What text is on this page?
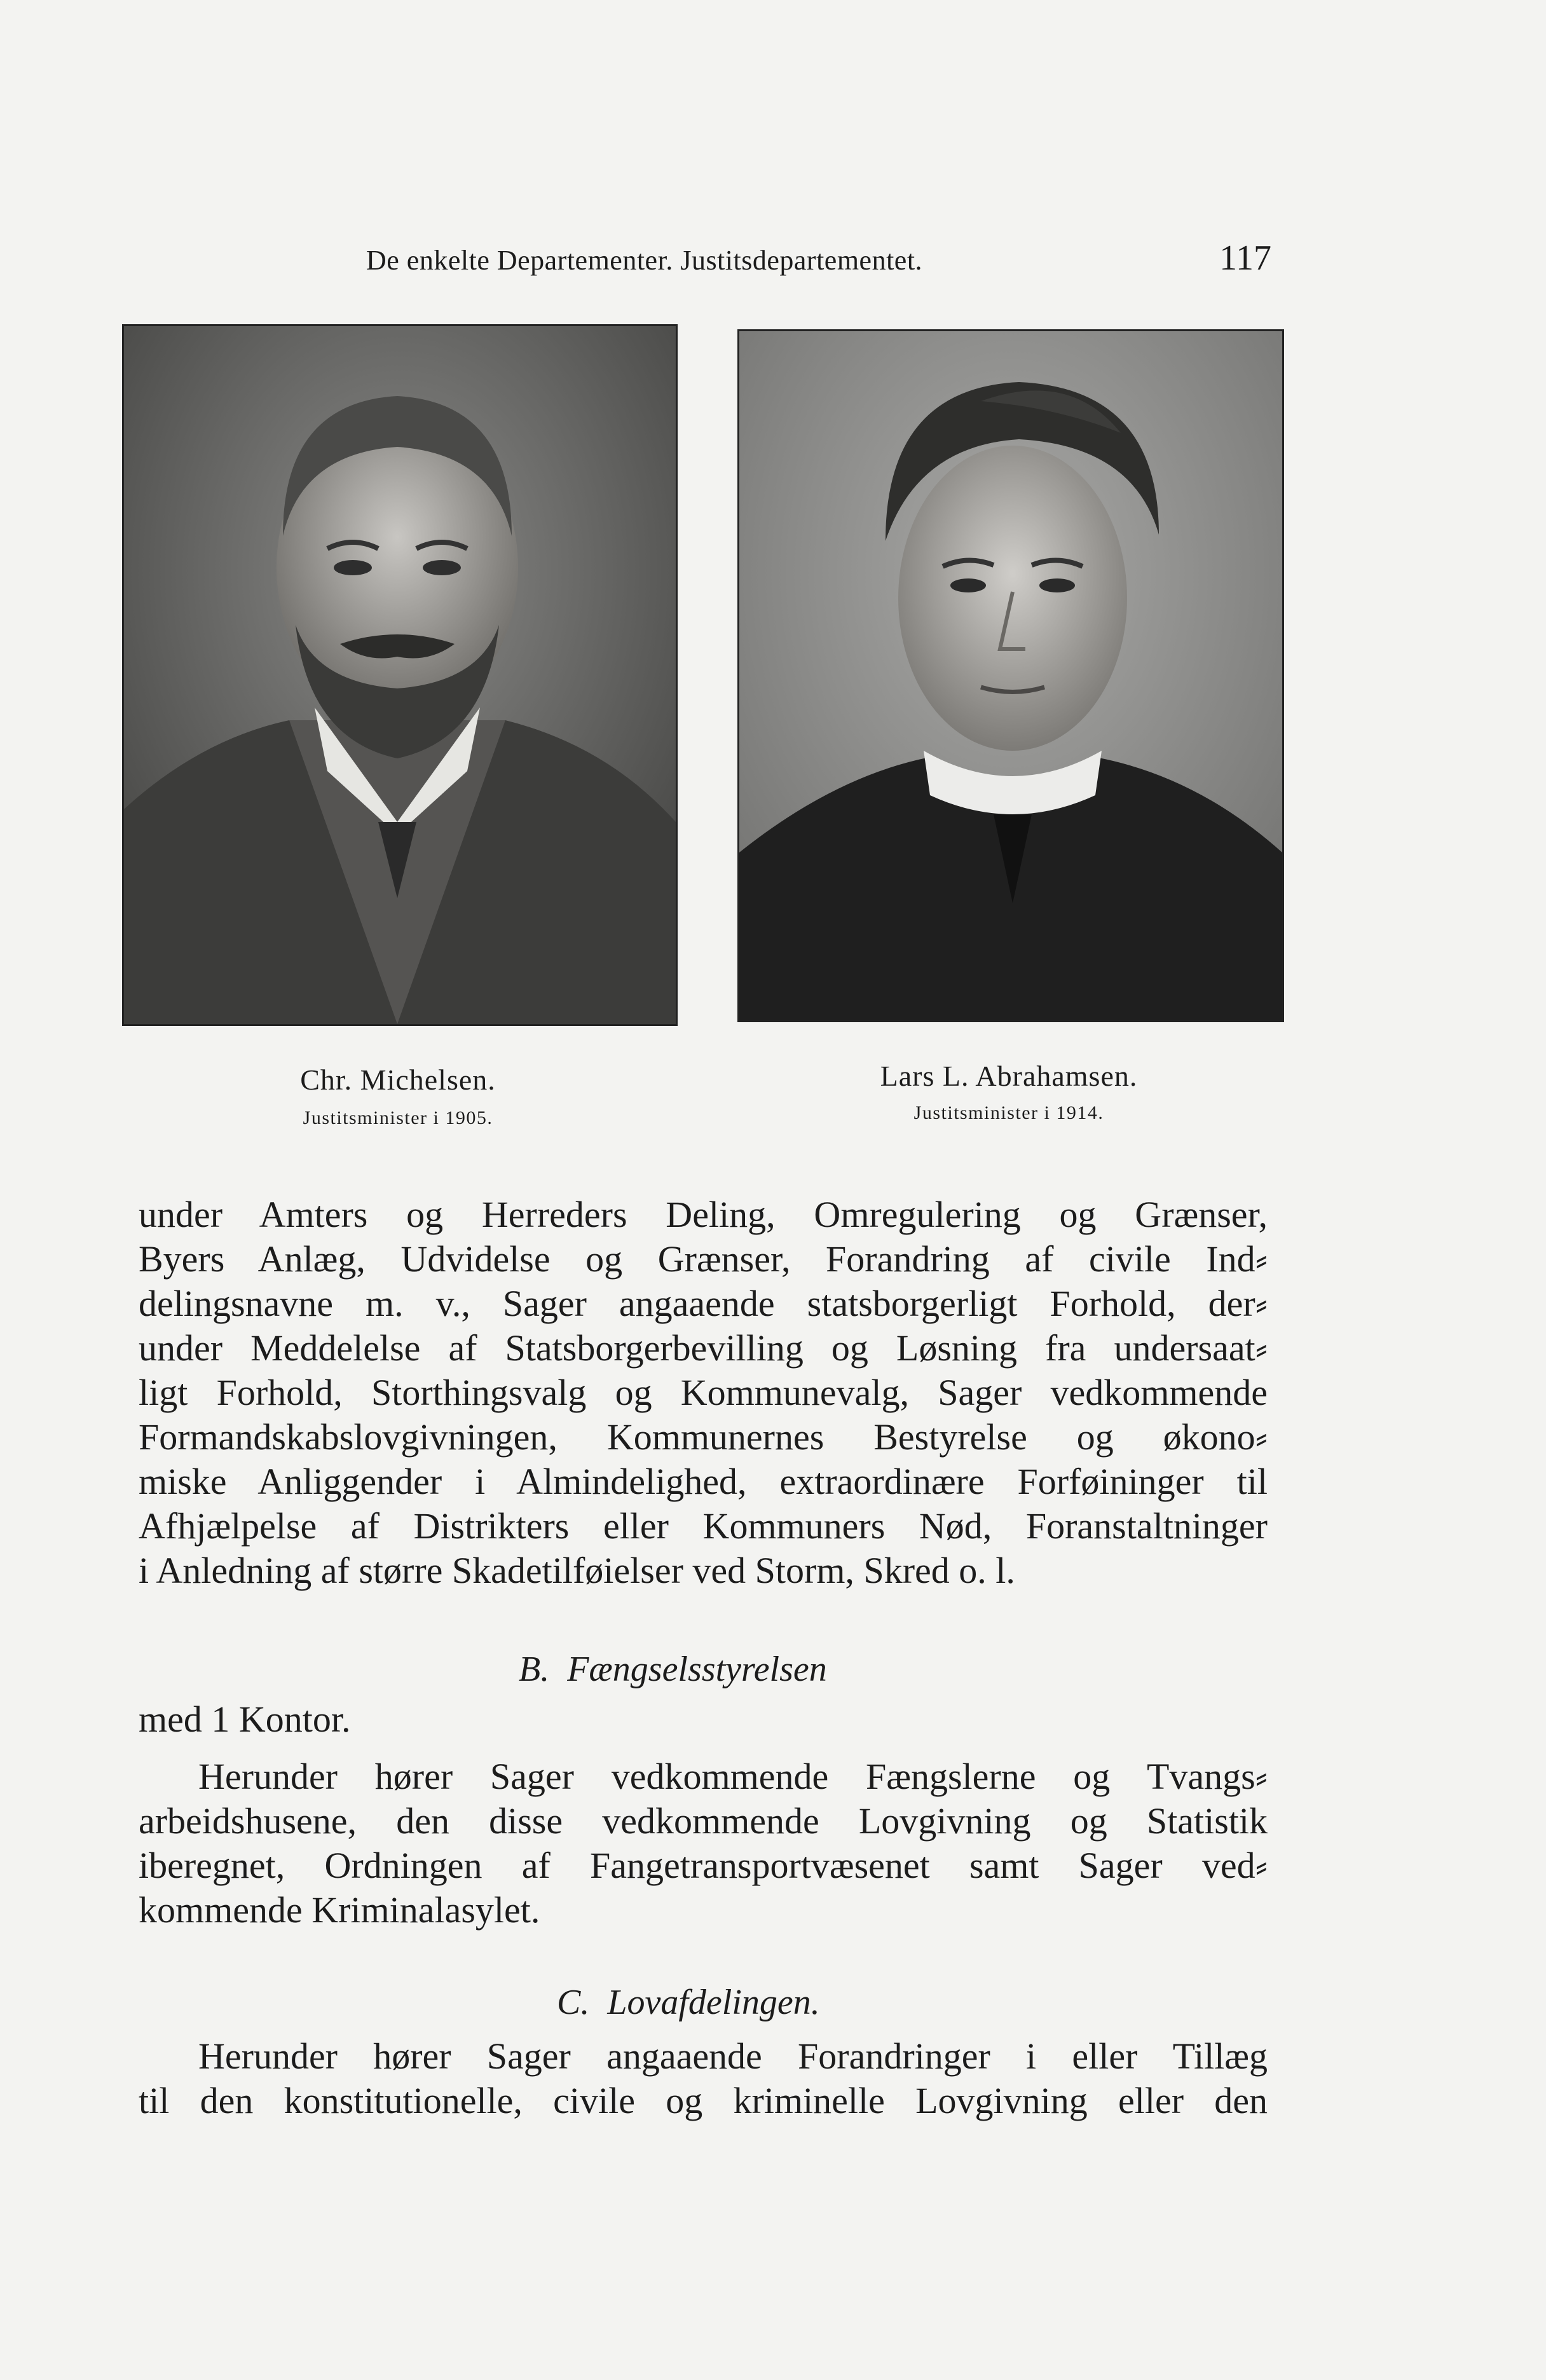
De enkelte Departementer. Justitsdepartementet.	117
Chr. Michelsen.
Justitsminister i 1905.
Lars L. Abrahamsen.
Justitsminister i 1914.
under Amters og Herreders Deling, Omregulering og Grænser,
Byers Anlæg, Udvidelse og Grænser, Forandring af civile Ind⸗
delingsnavne m. v., Sager angaaende statsborgerligt Forhold, der⸗
under Meddelelse af Statsborgerbevilling og Løsning fra undersaat⸗
ligt Forhold, Storthingsvalg og Kommunevalg, Sager vedkommende
Formandskabslovgivningen, Kommunernes Bestyrelse og økono⸗
miske Anliggender i Almindelighed, extraordinære Forføininger til
Afhjælpelse af Distrikters eller Kommuners Nød, Foranstaltninger
i Anledning af større Skadetilføielser ved Storm, Skred o. l.
B. Fængselsstyrelsen
med 1 Kontor.
Herunder hører Sager vedkommende Fængslerne og Tvangs⸗
arbeidshusene, den disse vedkommende Lovgivning og Statistik
iberegnet, Ordningen af Fangetransportvæsenet samt Sager ved⸗
kommende Kriminalasylet.
C. Lovafdelingen.
Herunder hører Sager angaaende Forandringer i eller Tillæg
til den konstitutionelle, civile og kriminelle Lovgivning eller den
